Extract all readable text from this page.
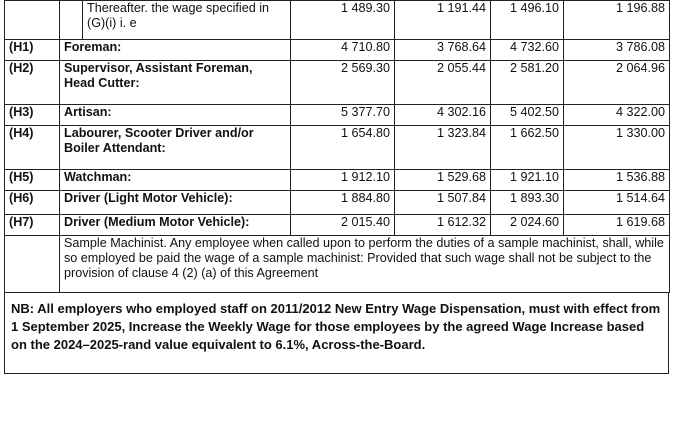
		Thereafter. the wage specified in (G)(i) i. e	1 489.30	1 191.44	1 496.10	1 196.88
(H1)	Foreman:		4 710.80	3 768.64	4 732.60	3 786.08
(H2)	Supervisor, Assistant Foreman, Head Cutter:		2 569.30	2 055.44	2 581.20	2 064.96
(H3)	Artisan:		5 377.70	4 302.16	5 402.50	4 322.00
(H4)	Labourer, Scooter Driver and/or Boiler Attendant:		1 654.80	1 323.84	1 662.50	1 330.00
(H5)	Watchman:		1 912.10	1 529.68	1 921.10	1 536.88
(H6)	Driver (Light Motor Vehicle):		1 884.80	1 507.84	1 893.30	1 514.64
(H7)	Driver (Medium Motor Vehicle):		2 015.40	1 612.32	2 024.60	1 619.68
	Sample Machinist. Any employee when called upon to perform the duties of a sample machinist, shall, while so employed be paid the wage of a sample machinist: Provided that such wage shall not be subject to the provision of clause 4 (2) (a) of this Agreement					
NB: All employers who employed staff on 2011/2012 New Entry Wage Dispensation, must with effect from 1 September 2025, Increase the Weekly Wage for those employees by the agreed Wage Increase based on the 2024–2025-rand value equivalent to 6.1%, Across-the-Board.
